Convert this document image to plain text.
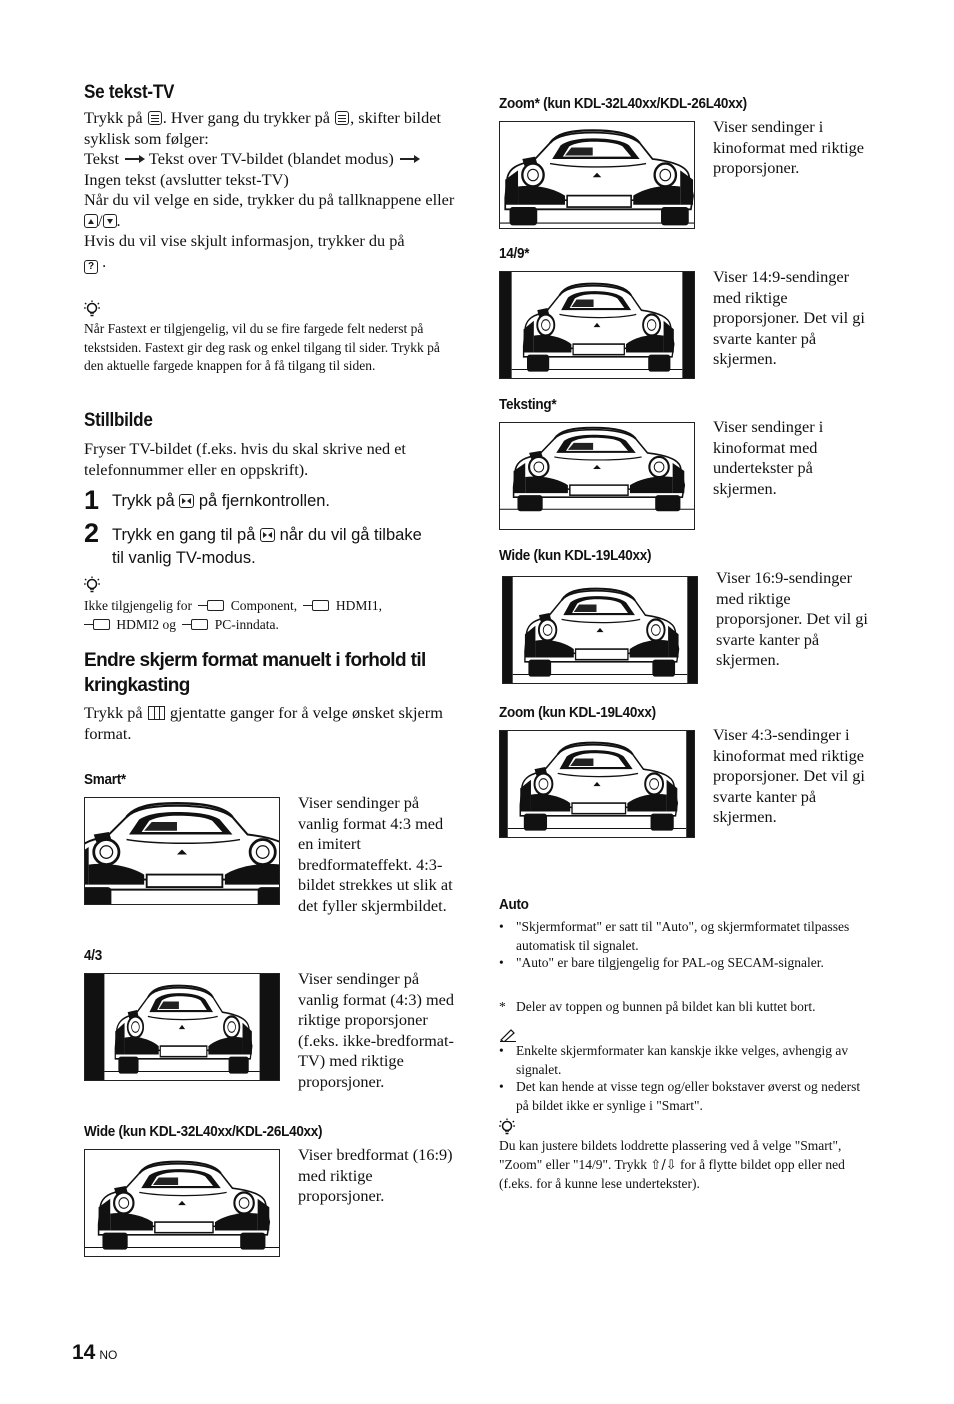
Se tekst-TV
Trykk på . Hver gang du trykker på , skifter bildet syklisk som følger:
Tekst Tekst over TV-bildet (blandet modus)
Ingen tekst (avslutter tekst-TV)
Når du vil velge en side, trykker du på tallknappene eller / .
Hvis du vil vise skjult informasjon, trykker du på
? .
Når Fastext er tilgjengelig, vil du se fire fargede felt nederst på tekstsiden. Fastext gir deg rask og enkel tilgang til sider. Trykk på den aktuelle fargede knappen for å få tilgang til siden.
Stillbilde
Fryser TV-bildet (f.eks. hvis du skal skrive ned et telefonnummer eller en oppskrift).
1 Trykk på på fjernkontrollen.
2 Trykk en gang til på når du vil gå tilbake til vanlig TV-modus.
Ikke tilgjengelig for	Component,	HDMI1,
HDMI2 og	PC-inndata.
Endre skjerm format manuelt i forhold til kringkasting
Trykk på gjentatte ganger for å velge ønsket skjerm format.
Smart*
Viser sendinger på vanlig format 4:3 med en imitert bredformateffekt. 4:3-bildet strekkes ut slik at det fyller skjermbildet.
4/3
Viser sendinger på vanlig format (4:3) med riktige proporsjoner (f.eks. ikke-bredformat-TV) med riktige proporsjoner.
Wide (kun KDL-32L40xx/KDL-26L40xx)
Viser bredformat (16:9) med riktige proporsjoner.
Zoom* (kun KDL-32L40xx/KDL-26L40xx)
Viser sendinger i kinoformat med riktige proporsjoner.
14/9*
Viser 14:9-sendinger med riktige proporsjoner. Det vil gi svarte kanter på skjermen.
Teksting*
Viser sendinger i kinoformat med undertekster på skjermen.
Wide (kun KDL-19L40xx)
Viser 16:9-sendinger med riktige proporsjoner. Det vil gi svarte kanter på skjermen.
Zoom (kun KDL-19L40xx)
Viser 4:3-sendinger i kinoformat med riktige proporsjoner. Det vil gi svarte kanter på skjermen.
Auto
• "Skjermformat" er satt til "Auto", og skjermformatet tilpasses automatisk til signalet.
• "Auto" er bare tilgjengelig for PAL-og SECAM-signaler.
* Deler av toppen og bunnen på bildet kan bli kuttet bort.
• Enkelte skjermformater kan kanskje ikke velges, avhengig av signalet.
• Det kan hende at visse tegn og/eller bokstaver øverst og nederst på bildet ikke er synlige i "Smart".
Du kan justere bildets loddrette plassering ved å velge "Smart", "Zoom" eller "14/9". Trykk ⇧/⇩ for å flytte bildet opp eller ned (f.eks. for å kunne lese undertekster).
14 NO
